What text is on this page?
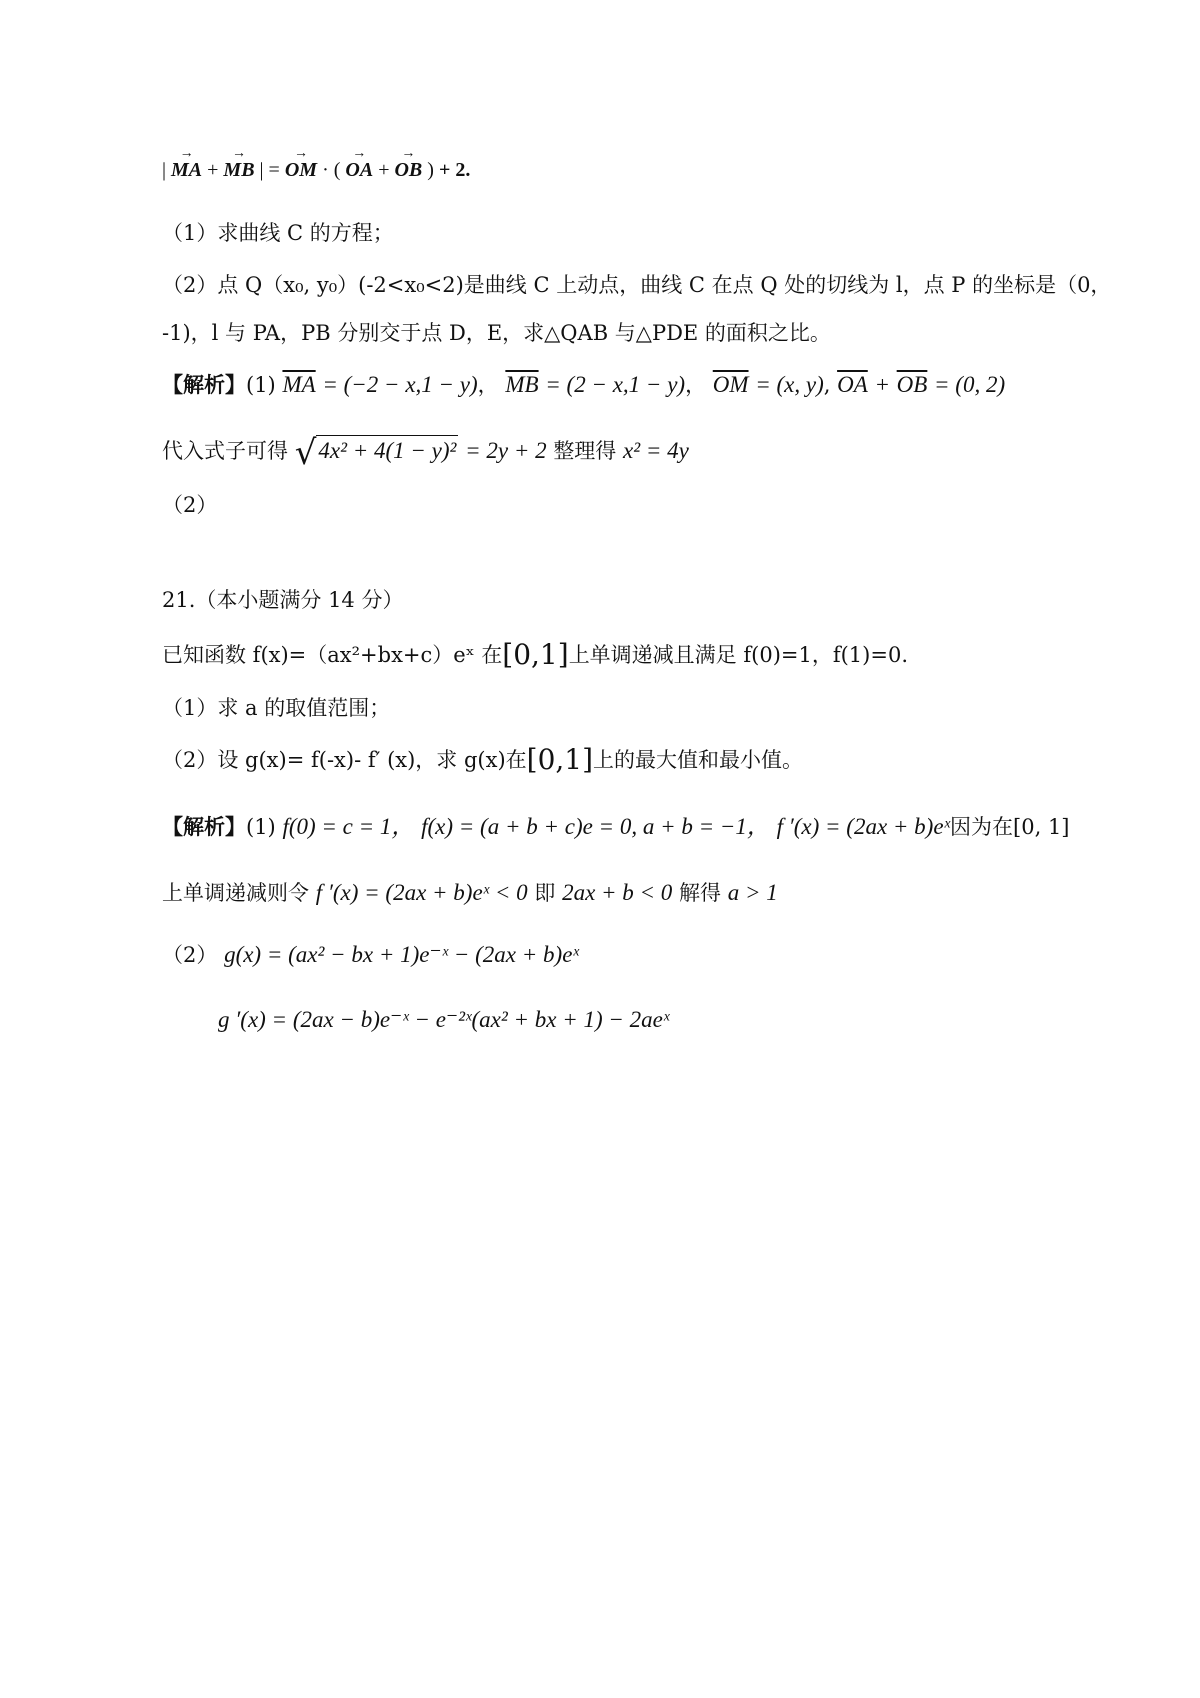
| MA → + MB → | = OM → · ( OA → + OB → ) + 2.
（1）求曲线 C 的方程；
（2）点 Q（x₀, y₀）(-2<x₀<2)是曲线 C 上动点，曲线 C 在点 Q 处的切线为 l，点 P 的坐标是（0，
-1)，l 与 PA，PB 分别交于点 D，E，求△QAB 与△PDE 的面积之比。
【解析】(1) $\overline{MA} = (-2 - x,1 - y)$， $\overline{MB} = (2 - x,1 - y)$， $\overline{OM} = (x$, y), $\overline{OA} + \overline{OB} = (0$, 2)
代入式子可得 √4x² + 4(1 − y)² = 2y + 2 整理得 x² = 4y
（2）
21.（本小题满分 14 分）
已知函数 f(x)=（ax²+bx+c）eˣ 在[0,1]上单调递减且满足 f(0)=1，f(1)=0.
（1）求 a 的取值范围；
（2）设 g(x)= f(-x)- f′ (x)，求 g(x)在[0,1]上的最大值和最小值。
【解析】(1) f(0) = c = 1， f(x) = (a + b + c)e = 0, a + b = −1， f ′(x) = (2ax + b)eˣ因为在[0, 1]
上单调递减则令 f ′(x) = (2ax + b)eˣ < 0 即 2ax + b < 0 解得 a > 1
（2） g(x) = (ax² − bx + 1)e⁻ˣ − (2ax + b)eˣ
g ′(x) = (2ax − b)e⁻ˣ − e⁻²ˣ(ax² + bx + 1) − 2aeˣ
